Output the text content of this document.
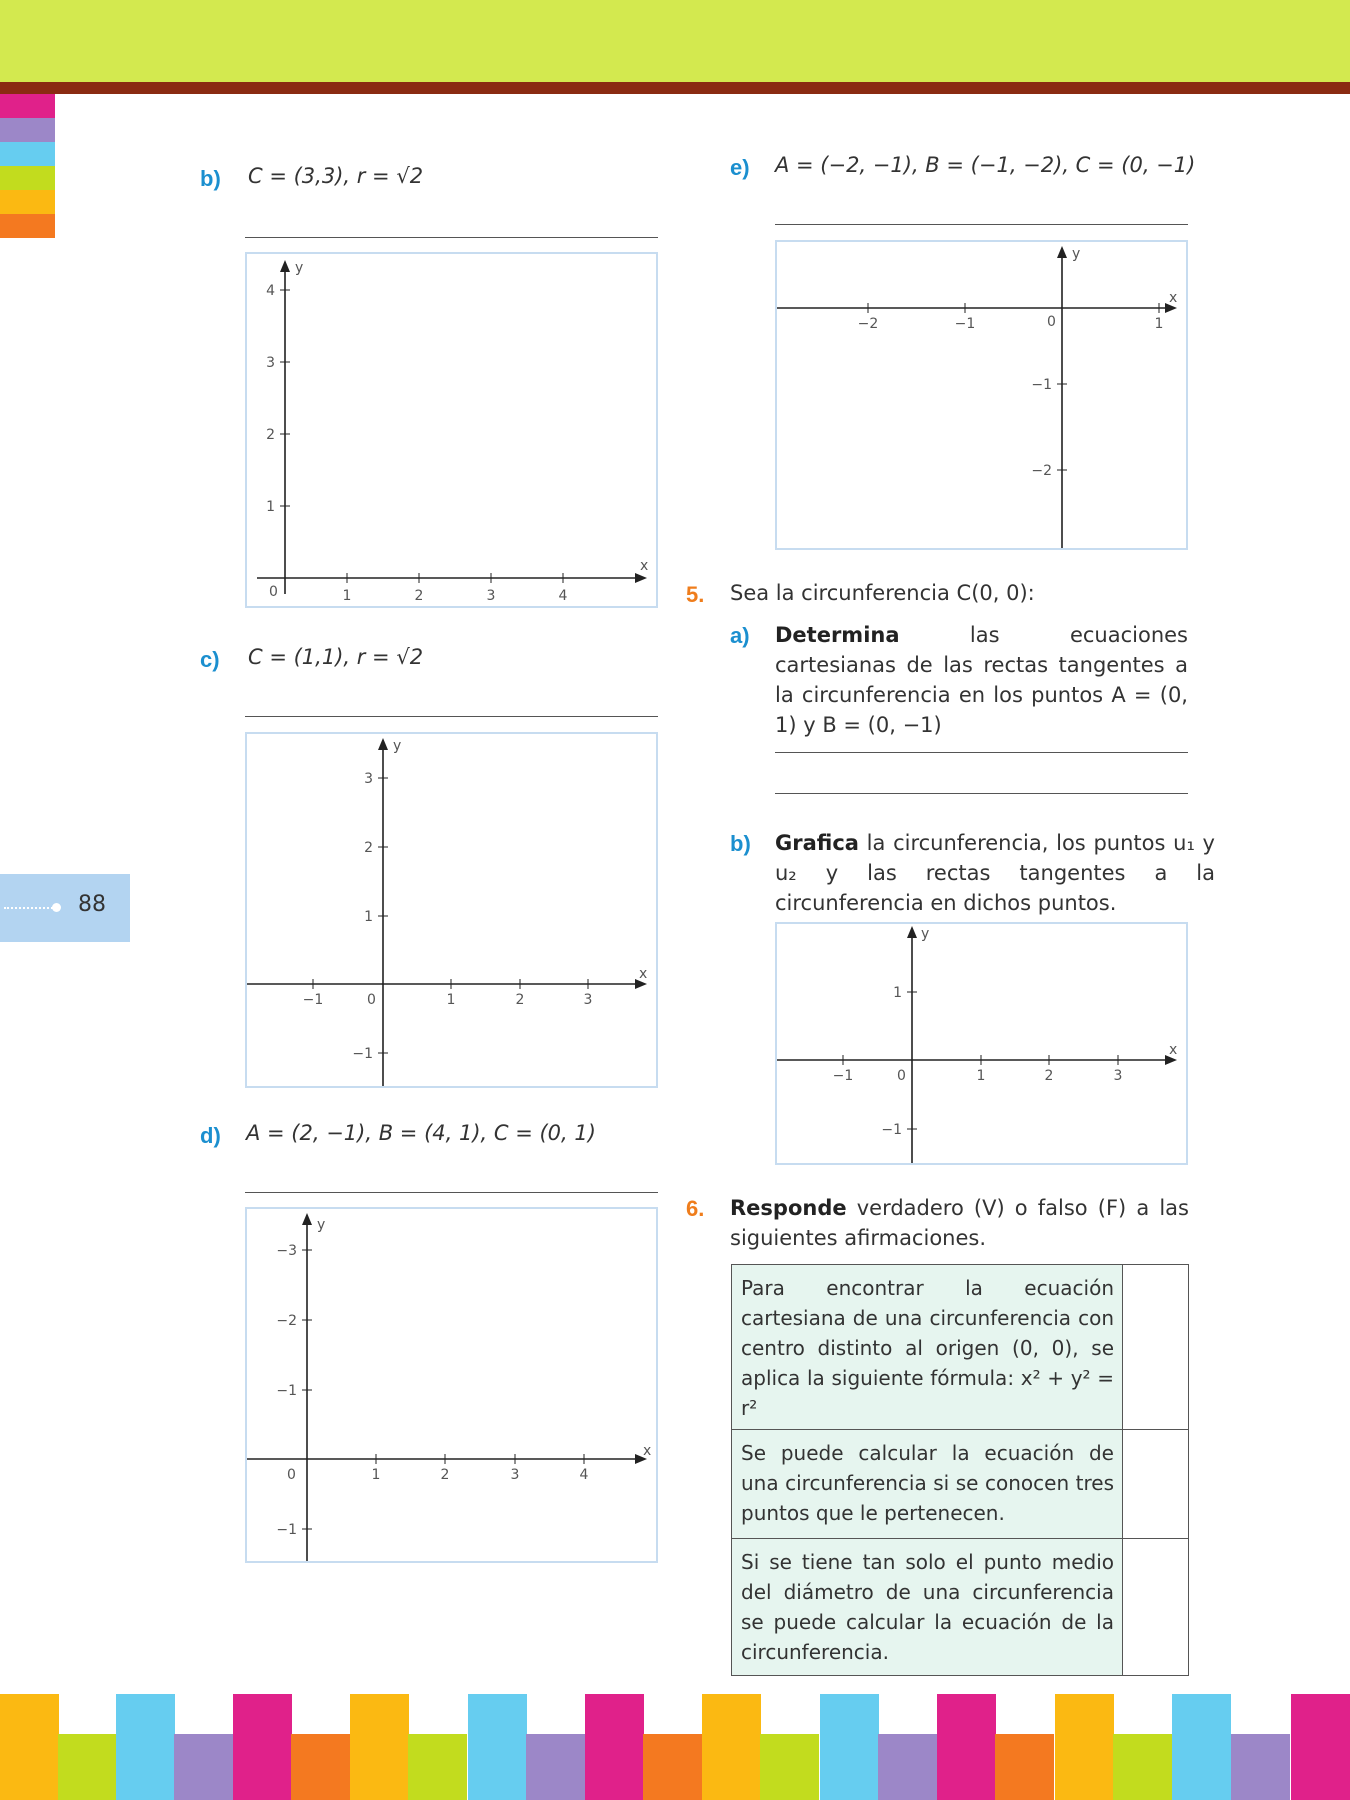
88
b) C = (3,3), r = √2
x
y
0	1	2	3	4
1
2
3
4
c) C = (1,1), r = √2
x
y
0
−1	1	2	3
−1
1
2
3
d) A = (2, −1), B = (4, 1), C = (0, 1)
x
y
0	1	2	3	4
−1
−1
−2
−3
e) A = (−2, −1), B = (−1, −2), C = (0, −1)
x
y
0
−2	−1	1
−1
−2
5. Sea la circunferencia C(0, 0):
a) Determina las ecuaciones cartesianas de las rectas tangentes a la circunferencia en los puntos A = (0, 1) y B = (0, −1)
b) Grafica la circunferencia, los puntos u₁ y u₂ y las rectas tangentes a la circunferencia en dichos puntos.
x
y
0
−1	1	2	3
1
−1
6. Responde verdadero (V) o falso (F) a las siguientes afirmaciones.
Para encontrar la ecuación cartesiana de una circunferencia con centro distinto al origen (0, 0), se aplica la siguiente fórmula: x² + y² = r²	
Se puede calcular la ecuación de una circunferencia si se conocen tres puntos que le pertenecen.	
Si se tiene tan solo el punto medio del diámetro de una circunferencia se puede calcular la ecuación de la circunferencia.	
